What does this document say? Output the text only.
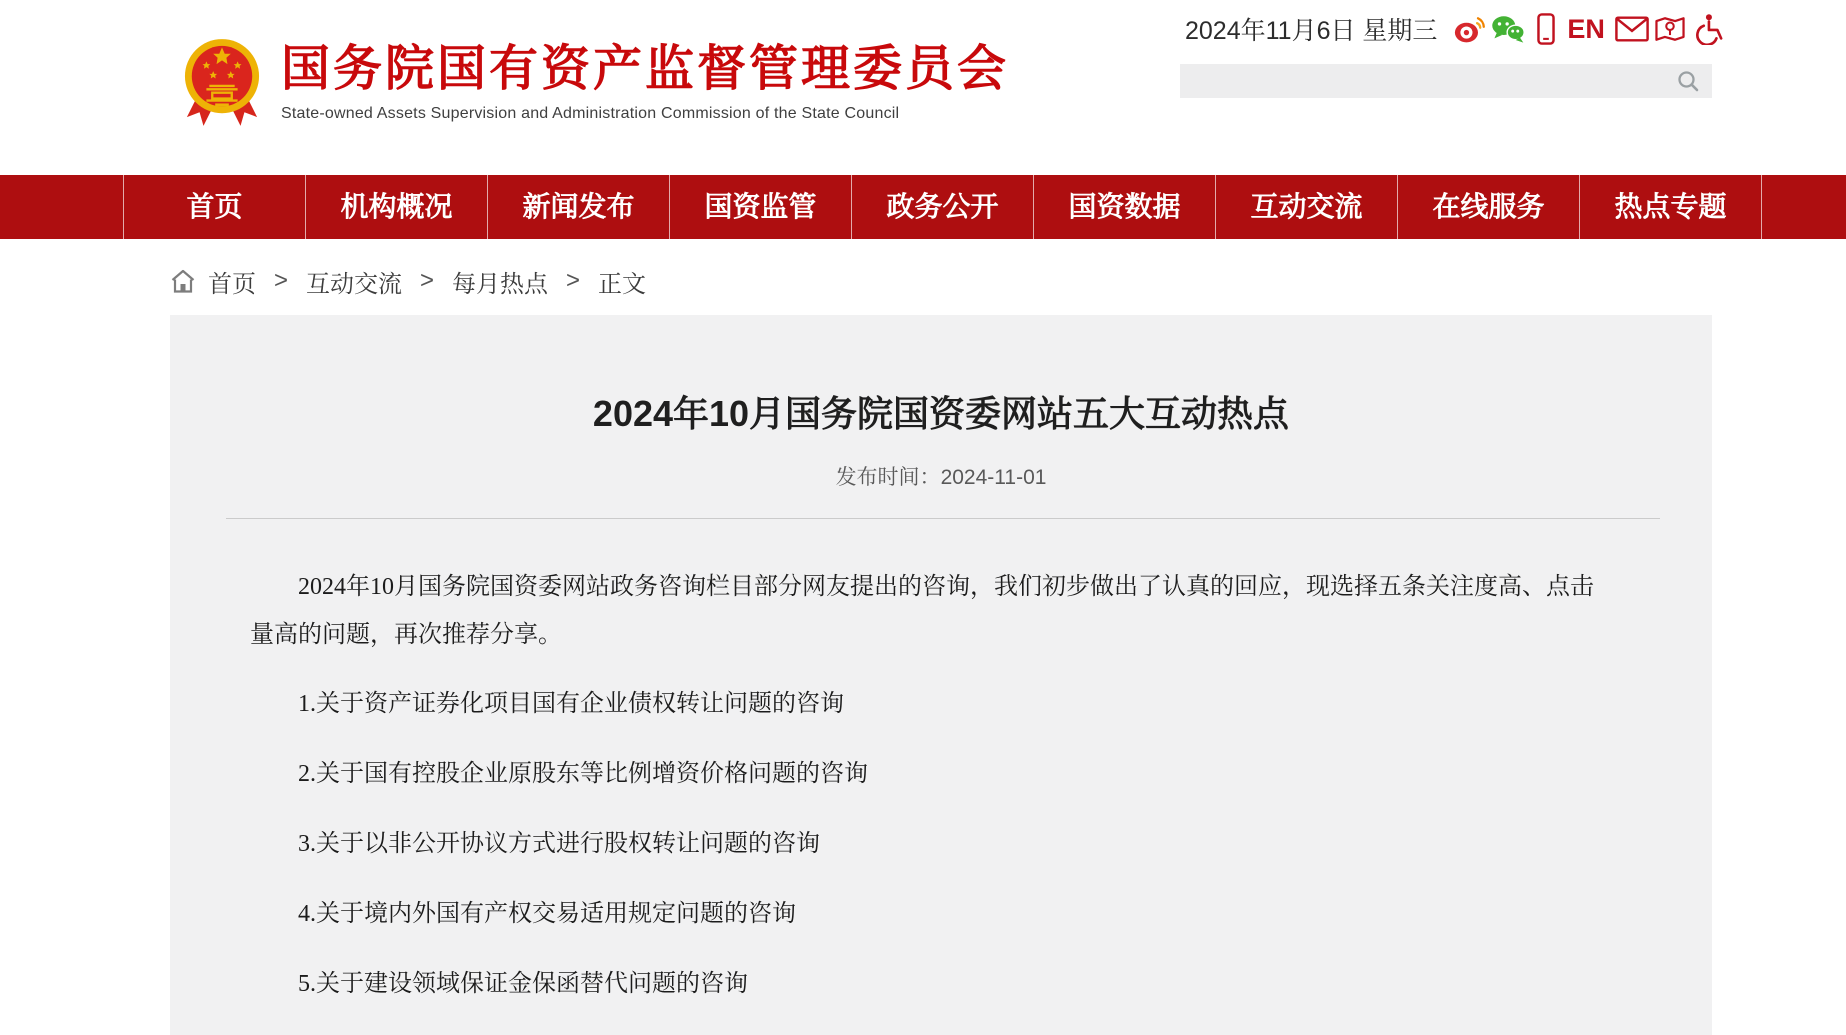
国务院国有资产监督管理委员会
State-owned Assets Supervision and Administration Commission of the State Council
2024年11月6日 星期三	EN
首页	机构概况	新闻发布	国资监管	政务公开	国资数据	互动交流	在线服务	热点专题
首页 > 互动交流 > 每月热点 > 正文
2024年10月国务院国资委网站五大互动热点
发布时间：2024-11-01
2024年10月国务院国资委网站政务咨询栏目部分网友提出的咨询，我们初步做出了认真的回应，现选择五条关注度高、点击量高的问题，再次推荐分享。
1.关于资产证券化项目国有企业债权转让问题的咨询
2.关于国有控股企业原股东等比例增资价格问题的咨询
3.关于以非公开协议方式进行股权转让问题的咨询
4.关于境内外国有产权交易适用规定问题的咨询
5.关于建设领域保证金保函替代问题的咨询
